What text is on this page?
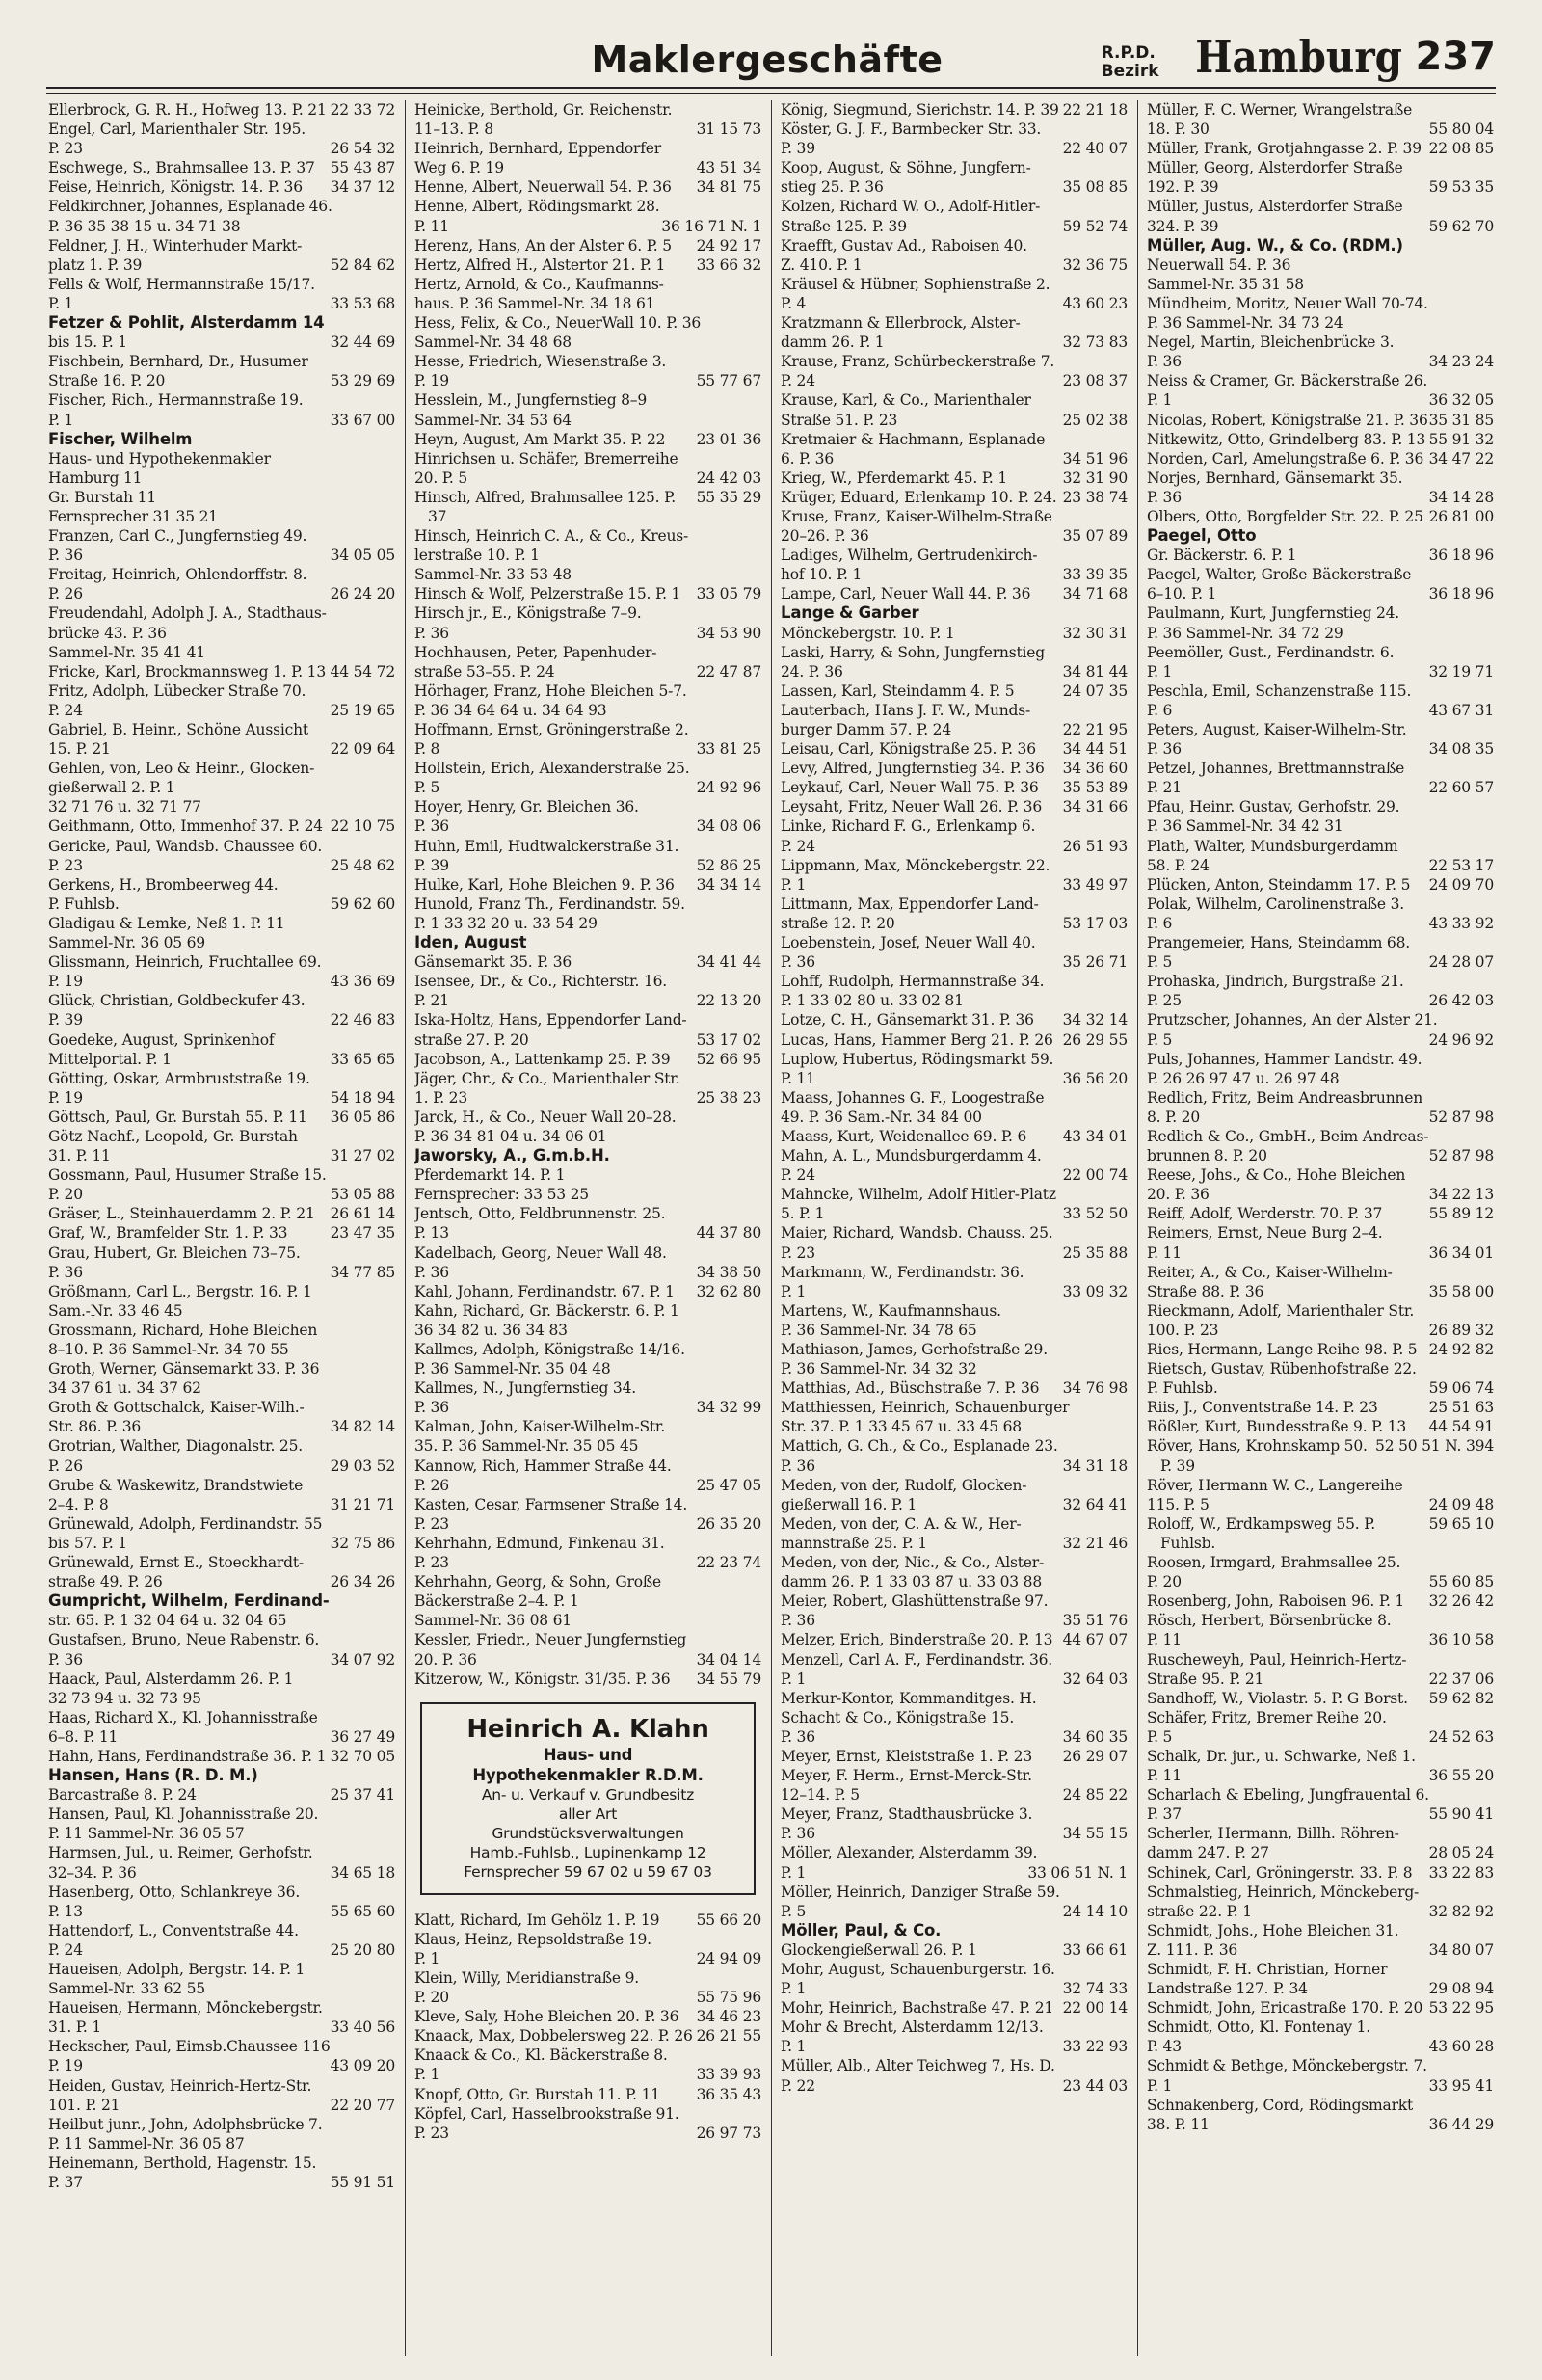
Maklergeschäfte	R.P.D.
Bezirk Hamburg 237
22 33 72
Ellerbrock, G. R. H., Hofweg 13. P. 21
Engel, Carl, Marienthaler Str. 195.
26 54 32
P. 23
55 43 87
Eschwege, S., Brahmsallee 13. P. 37
34 37 12
Feise, Heinrich, Königstr. 14. P. 36
Feldkirchner, Johannes, Esplanade 46.
P. 36 35 38 15 u. 34 71 38
Feldner, J. H., Winterhuder Markt-
52 84 62
platz 1. P. 39
Fells & Wolf, Hermannstraße 15/17.
33 53 68
P. 1
Fetzer & Pohlit, Alsterdamm 14
32 44 69
bis 15. P. 1
Fischbein, Bernhard, Dr., Husumer
53 29 69
Straße 16. P. 20
Fischer, Rich., Hermannstraße 19.
33 67 00
P. 1
Fischer, Wilhelm
Haus- und Hypothekenmakler
Hamburg 11
Gr. Burstah 11
Fernsprecher 31 35 21
Franzen, Carl C., Jungfernstieg 49.
34 05 05
P. 36
Freitag, Heinrich, Ohlendorffstr. 8.
26 24 20
P. 26
Freudendahl, Adolph J. A., Stadthaus-
brücke 43. P. 36
Sammel-Nr. 35 41 41
44 54 72
Fricke, Karl, Brockmannsweg 1. P. 13
Fritz, Adolph, Lübecker Straße 70.
25 19 65
P. 24
Gabriel, B. Heinr., Schöne Aussicht
22 09 64
15. P. 21
Gehlen, von, Leo & Heinr., Glocken-
gießerwall 2. P. 1
32 71 76 u. 32 71 77
22 10 75
Geithmann, Otto, Immenhof 37. P. 24
Gericke, Paul, Wandsb. Chaussee 60.
25 48 62
P. 23
Gerkens, H., Brombeerweg 44.
59 62 60
P. Fuhlsb.
Gladigau & Lemke, Neß 1. P. 11
Sammel-Nr. 36 05 69
Glissmann, Heinrich, Fruchtallee 69.
43 36 69
P. 19
Glück, Christian, Goldbeckufer 43.
22 46 83
P. 39
Goedeke, August, Sprinkenhof
33 65 65
Mittelportal. P. 1
Götting, Oskar, Armbruststraße 19.
54 18 94
P. 19
36 05 86
Göttsch, Paul, Gr. Burstah 55. P. 11
Götz Nachf., Leopold, Gr. Burstah
31 27 02
31. P. 11
Gossmann, Paul, Husumer Straße 15.
53 05 88
P. 20
26 61 14
Gräser, L., Steinhauerdamm 2. P. 21
23 47 35
Graf, W., Bramfelder Str. 1. P. 33
Grau, Hubert, Gr. Bleichen 73–75.
34 77 85
P. 36
Größmann, Carl L., Bergstr. 16. P. 1
Sam.-Nr. 33 46 45
Grossmann, Richard, Hohe Bleichen
8–10. P. 36 Sammel-Nr. 34 70 55
Groth, Werner, Gänsemarkt 33. P. 36
34 37 61 u. 34 37 62
Groth & Gottschalck, Kaiser-Wilh.-
34 82 14
Str. 86. P. 36
Grotrian, Walther, Diagonalstr. 25.
29 03 52
P. 26
Grube & Waskewitz, Brandstwiete
31 21 71
2–4. P. 8
Grünewald, Adolph, Ferdinandstr. 55
32 75 86
bis 57. P. 1
Grünewald, Ernst E., Stoeckhardt-
26 34 26
straße 49. P. 26
Gumpricht, Wilhelm, Ferdinand-
str. 65. P. 1 32 04 64 u. 32 04 65
Gustafsen, Bruno, Neue Rabenstr. 6.
34 07 92
P. 36
Haack, Paul, Alsterdamm 26. P. 1
32 73 94 u. 32 73 95
Haas, Richard X., Kl. Johannisstraße
36 27 49
6–8. P. 11
32 70 05
Hahn, Hans, Ferdinandstraße 36. P. 1
Hansen, Hans (R. D. M.)
25 37 41
Barcastraße 8. P. 24
Hansen, Paul, Kl. Johannisstraße 20.
P. 11 Sammel-Nr. 36 05 57
Harmsen, Jul., u. Reimer, Gerhofstr.
34 65 18
32–34. P. 36
Hasenberg, Otto, Schlankreye 36.
55 65 60
P. 13
Hattendorf, L., Conventstraße 44.
25 20 80
P. 24
Haueisen, Adolph, Bergstr. 14. P. 1
Sammel-Nr. 33 62 55
Haueisen, Hermann, Mönckebergstr.
33 40 56
31. P. 1
Heckscher, Paul, Eimsb.Chaussee 116
43 09 20
P. 19
Heiden, Gustav, Heinrich-Hertz-Str.
22 20 77
101. P. 21
Heilbut junr., John, Adolphsbrücke 7.
P. 11 Sammel-Nr. 36 05 87
Heinemann, Berthold, Hagenstr. 15.
55 91 51
P. 37
Heinicke, Berthold, Gr. Reichenstr.
31 15 73
11–13. P. 8
Heinrich, Bernhard, Eppendorfer
43 51 34
Weg 6. P. 19
34 81 75
Henne, Albert, Neuerwall 54. P. 36
Henne, Albert, Rödingsmarkt 28.
36 16 71 N. 1
P. 11
24 92 17
Herenz, Hans, An der Alster 6. P. 5
33 66 32
Hertz, Alfred H., Alstertor 21. P. 1
Hertz, Arnold, & Co., Kaufmanns-
haus. P. 36 Sammel-Nr. 34 18 61
Hess, Felix, & Co., NeuerWall 10. P. 36
Sammel-Nr. 34 48 68
Hesse, Friedrich, Wiesenstraße 3.
55 77 67
P. 19
Hesslein, M., Jungfernstieg 8–9
Sammel-Nr. 34 53 64
23 01 36
Heyn, August, Am Markt 35. P. 22
Hinrichsen u. Schäfer, Bremerreihe
24 42 03
20. P. 5
55 35 29
Hinsch, Alfred, Brahmsallee 125. P. 37
Hinsch, Heinrich C. A., & Co., Kreus-
lerstraße 10. P. 1
Sammel-Nr. 33 53 48
33 05 79
Hinsch & Wolf, Pelzerstraße 15. P. 1
Hirsch jr., E., Königstraße 7–9.
34 53 90
P. 36
Hochhausen, Peter, Papenhuder-
22 47 87
straße 53–55. P. 24
Hörhager, Franz, Hohe Bleichen 5-7.
P. 36 34 64 64 u. 34 64 93
Hoffmann, Ernst, Gröningerstraße 2.
33 81 25
P. 8
Hollstein, Erich, Alexanderstraße 25.
24 92 96
P. 5
Hoyer, Henry, Gr. Bleichen 36.
34 08 06
P. 36
Huhn, Emil, Hudtwalckerstraße 31.
52 86 25
P. 39
34 34 14
Hulke, Karl, Hohe Bleichen 9. P. 36
Hunold, Franz Th., Ferdinandstr. 59.
P. 1 33 32 20 u. 33 54 29
Iden, August
34 41 44
Gänsemarkt 35. P. 36
Isensee, Dr., & Co., Richterstr. 16.
22 13 20
P. 21
Iska-Holtz, Hans, Eppendorfer Land-
53 17 02
straße 27. P. 20
52 66 95
Jacobson, A., Lattenkamp 25. P. 39
Jäger, Chr., & Co., Marienthaler Str.
25 38 23
1. P. 23
Jarck, H., & Co., Neuer Wall 20–28.
P. 36 34 81 04 u. 34 06 01
Jaworsky, A., G.m.b.H.
Pferdemarkt 14. P. 1
Fernsprecher: 33 53 25
Jentsch, Otto, Feldbrunnenstr. 25.
44 37 80
P. 13
Kadelbach, Georg, Neuer Wall 48.
34 38 50
P. 36
32 62 80
Kahl, Johann, Ferdinandstr. 67. P. 1
Kahn, Richard, Gr. Bäckerstr. 6. P. 1
36 34 82 u. 36 34 83
Kallmes, Adolph, Königstraße 14/16.
P. 36 Sammel-Nr. 35 04 48
Kallmes, N., Jungfernstieg 34.
34 32 99
P. 36
Kalman, John, Kaiser-Wilhelm-Str.
35. P. 36 Sammel-Nr. 35 05 45
Kannow, Rich, Hammer Straße 44.
25 47 05
P. 26
Kasten, Cesar, Farmsener Straße 14.
26 35 20
P. 23
Kehrhahn, Edmund, Finkenau 31.
22 23 74
P. 23
Kehrhahn, Georg, & Sohn, Große
Bäckerstraße 2–4. P. 1
Sammel-Nr. 36 08 61
Kessler, Friedr., Neuer Jungfernstieg
34 04 14
20. P. 36
34 55 79
Kitzerow, W., Königstr. 31/35. P. 36
Heinrich A. Klahn
Haus- und
Hypothekenmakler R.D.M.
An- u. Verkauf v. Grundbesitz
aller Art
Grundstücksverwaltungen
Hamb.-Fuhlsb., Lupinenkamp 12
Fernsprecher 59 67 02 u 59 67 03
55 66 20
Klatt, Richard, Im Gehölz 1. P. 19
Klaus, Heinz, Repsoldstraße 19.
24 94 09
P. 1
Klein, Willy, Meridianstraße 9.
55 75 96
P. 20
34 46 23
Kleve, Saly, Hohe Bleichen 20. P. 36
26 21 55
Knaack, Max, Dobbelersweg 22. P. 26
Knaack & Co., Kl. Bäckerstraße 8.
33 39 93
P. 1
36 35 43
Knopf, Otto, Gr. Burstah 11. P. 11
Köpfel, Carl, Hasselbrookstraße 91.
26 97 73
P. 23
22 21 18
König, Siegmund, Sierichstr. 14. P. 39
Köster, G. J. F., Barmbecker Str. 33.
22 40 07
P. 39
Koop, August, & Söhne, Jungfern-
35 08 85
stieg 25. P. 36
Kolzen, Richard W. O., Adolf-Hitler-
59 52 74
Straße 125. P. 39
Kraefft, Gustav Ad., Raboisen 40.
32 36 75
Z. 410. P. 1
Kräusel & Hübner, Sophienstraße 2.
43 60 23
P. 4
Kratzmann & Ellerbrock, Alster-
32 73 83
damm 26. P. 1
Krause, Franz, Schürbeckerstraße 7.
23 08 37
P. 24
Krause, Karl, & Co., Marienthaler
25 02 38
Straße 51. P. 23
Kretmaier & Hachmann, Esplanade
34 51 96
6. P. 36
32 31 90
Krieg, W., Pferdemarkt 45. P. 1
23 38 74
Krüger, Eduard, Erlenkamp 10. P. 24.
Kruse, Franz, Kaiser-Wilhelm-Straße
35 07 89
20–26. P. 36
Ladiges, Wilhelm, Gertrudenkirch-
33 39 35
hof 10. P. 1
34 71 68
Lampe, Carl, Neuer Wall 44. P. 36
Lange & Garber
32 30 31
Mönckebergstr. 10. P. 1
Laski, Harry, & Sohn, Jungfernstieg
34 81 44
24. P. 36
24 07 35
Lassen, Karl, Steindamm 4. P. 5
Lauterbach, Hans J. F. W., Munds-
22 21 95
burger Damm 57. P. 24
34 44 51
Leisau, Carl, Königstraße 25. P. 36
34 36 60
Levy, Alfred, Jungfernstieg 34. P. 36
35 53 89
Leykauf, Carl, Neuer Wall 75. P. 36
34 31 66
Leysaht, Fritz, Neuer Wall 26. P. 36
Linke, Richard F. G., Erlenkamp 6.
26 51 93
P. 24
Lippmann, Max, Mönckebergstr. 22.
33 49 97
P. 1
Littmann, Max, Eppendorfer Land-
53 17 03
straße 12. P. 20
Loebenstein, Josef, Neuer Wall 40.
35 26 71
P. 36
Lohff, Rudolph, Hermannstraße 34.
P. 1 33 02 80 u. 33 02 81
34 32 14
Lotze, C. H., Gänsemarkt 31. P. 36
26 29 55
Lucas, Hans, Hammer Berg 21. P. 26
Luplow, Hubertus, Rödingsmarkt 59.
36 56 20
P. 11
Maass, Johannes G. F., Loogestraße
49. P. 36 Sam.-Nr. 34 84 00
43 34 01
Maass, Kurt, Weidenallee 69. P. 6
Mahn, A. L., Mundsburgerdamm 4.
22 00 74
P. 24
Mahncke, Wilhelm, Adolf Hitler-Platz
33 52 50
5. P. 1
Maier, Richard, Wandsb. Chauss. 25.
25 35 88
P. 23
Markmann, W., Ferdinandstr. 36.
33 09 32
P. 1
Martens, W., Kaufmannshaus.
P. 36 Sammel-Nr. 34 78 65
Mathiason, James, Gerhofstraße 29.
P. 36 Sammel-Nr. 34 32 32
34 76 98
Matthias, Ad., Büschstraße 7. P. 36
Matthiessen, Heinrich, Schauenburger
Str. 37. P. 1 33 45 67 u. 33 45 68
Mattich, G. Ch., & Co., Esplanade 23.
34 31 18
P. 36
Meden, von der, Rudolf, Glocken-
32 64 41
gießerwall 16. P. 1
Meden, von der, C. A. & W., Her-
32 21 46
mannstraße 25. P. 1
Meden, von der, Nic., & Co., Alster-
damm 26. P. 1 33 03 87 u. 33 03 88
Meier, Robert, Glashüttenstraße 97.
35 51 76
P. 36
44 67 07
Melzer, Erich, Binderstraße 20. P. 13
Menzell, Carl A. F., Ferdinandstr. 36.
32 64 03
P. 1
Merkur-Kontor, Kommanditges. H.
Schacht & Co., Königstraße 15.
34 60 35
P. 36
26 29 07
Meyer, Ernst, Kleiststraße 1. P. 23
Meyer, F. Herm., Ernst-Merck-Str.
24 85 22
12–14. P. 5
Meyer, Franz, Stadthausbrücke 3.
34 55 15
P. 36
Möller, Alexander, Alsterdamm 39.
33 06 51 N. 1
P. 1
Möller, Heinrich, Danziger Straße 59.
24 14 10
P. 5
Möller, Paul, & Co.
33 66 61
Glockengießerwall 26. P. 1
Mohr, August, Schauenburgerstr. 16.
32 74 33
P. 1
22 00 14
Mohr, Heinrich, Bachstraße 47. P. 21
Mohr & Brecht, Alsterdamm 12/13.
33 22 93
P. 1
Müller, Alb., Alter Teichweg 7, Hs. D.
23 44 03
P. 22
Müller, F. C. Werner, Wrangelstraße
55 80 04
18. P. 30
22 08 85
Müller, Frank, Grotjahngasse 2. P. 39
Müller, Georg, Alsterdorfer Straße
59 53 35
192. P. 39
Müller, Justus, Alsterdorfer Straße
59 62 70
324. P. 39
Müller, Aug. W., & Co. (RDM.)
Neuerwall 54. P. 36
Sammel-Nr. 35 31 58
Mündheim, Moritz, Neuer Wall 70-74.
P. 36 Sammel-Nr. 34 73 24
Negel, Martin, Bleichenbrücke 3.
34 23 24
P. 36
Neiss & Cramer, Gr. Bäckerstraße 26.
36 32 05
P. 1
35 31 85
Nicolas, Robert, Königstraße 21. P. 36
55 91 32
Nitkewitz, Otto, Grindelberg 83. P. 13
34 47 22
Norden, Carl, Amelungstraße 6. P. 36
Norjes, Bernhard, Gänsemarkt 35.
34 14 28
P. 36
26 81 00
Olbers, Otto, Borgfelder Str. 22. P. 25
Paegel, Otto
36 18 96
Gr. Bäckerstr. 6. P. 1
Paegel, Walter, Große Bäckerstraße
36 18 96
6–10. P. 1
Paulmann, Kurt, Jungfernstieg 24.
P. 36 Sammel-Nr. 34 72 29
Peemöller, Gust., Ferdinandstr. 6.
32 19 71
P. 1
Peschla, Emil, Schanzenstraße 115.
43 67 31
P. 6
Peters, August, Kaiser-Wilhelm-Str.
34 08 35
P. 36
Petzel, Johannes, Brettmannstraße
22 60 57
P. 21
Pfau, Heinr. Gustav, Gerhofstr. 29.
P. 36 Sammel-Nr. 34 42 31
Plath, Walter, Mundsburgerdamm
22 53 17
58. P. 24
24 09 70
Plücken, Anton, Steindamm 17. P. 5
Polak, Wilhelm, Carolinenstraße 3.
43 33 92
P. 6
Prangemeier, Hans, Steindamm 68.
24 28 07
P. 5
Prohaska, Jindrich, Burgstraße 21.
26 42 03
P. 25
Prutzscher, Johannes, An der Alster 21.
24 96 92
P. 5
Puls, Johannes, Hammer Landstr. 49.
P. 26 26 97 47 u. 26 97 48
Redlich, Fritz, Beim Andreasbrunnen
52 87 98
8. P. 20
Redlich & Co., GmbH., Beim Andreas-
52 87 98
brunnen 8. P. 20
Reese, Johs., & Co., Hohe Bleichen
34 22 13
20. P. 36
55 89 12
Reiff, Adolf, Werderstr. 70. P. 37
Reimers, Ernst, Neue Burg 2–4.
36 34 01
P. 11
Reiter, A., & Co., Kaiser-Wilhelm-
35 58 00
Straße 88. P. 36
Rieckmann, Adolf, Marienthaler Str.
26 89 32
100. P. 23
24 92 82
Ries, Hermann, Lange Reihe 98. P. 5
Rietsch, Gustav, Rübenhofstraße 22.
59 06 74
P. Fuhlsb.
25 51 63
Riis, J., Conventstraße 14. P. 23
44 54 91
Rößler, Kurt, Bundesstraße 9. P. 13
52 50 51 N. 394
Röver, Hans, Krohnskamp 50. P. 39
Röver, Hermann W. C., Langereihe
24 09 48
115. P. 5
59 65 10
Roloff, W., Erdkampsweg 55. P. Fuhlsb.
Roosen, Irmgard, Brahmsallee 25.
55 60 85
P. 20
32 26 42
Rosenberg, John, Raboisen 96. P. 1
Rösch, Herbert, Börsenbrücke 8.
36 10 58
P. 11
Ruscheweyh, Paul, Heinrich-Hertz-
22 37 06
Straße 95. P. 21
59 62 82
Sandhoff, W., Violastr. 5. P. G Borst.
Schäfer, Fritz, Bremer Reihe 20.
24 52 63
P. 5
Schalk, Dr. jur., u. Schwarke, Neß 1.
36 55 20
P. 11
Scharlach & Ebeling, Jungfrauental 6.
55 90 41
P. 37
Scherler, Hermann, Billh. Röhren-
28 05 24
damm 247. P. 27
33 22 83
Schinek, Carl, Gröningerstr. 33. P. 8
Schmalstieg, Heinrich, Mönckeberg-
32 82 92
straße 22. P. 1
Schmidt, Johs., Hohe Bleichen 31.
34 80 07
Z. 111. P. 36
Schmidt, F. H. Christian, Horner
29 08 94
Landstraße 127. P. 34
53 22 95
Schmidt, John, Ericastraße 170. P. 20
Schmidt, Otto, Kl. Fontenay 1.
43 60 28
P. 43
Schmidt & Bethge, Mönckebergstr. 7.
33 95 41
P. 1
Schnakenberg, Cord, Rödingsmarkt
36 44 29
38. P. 11
